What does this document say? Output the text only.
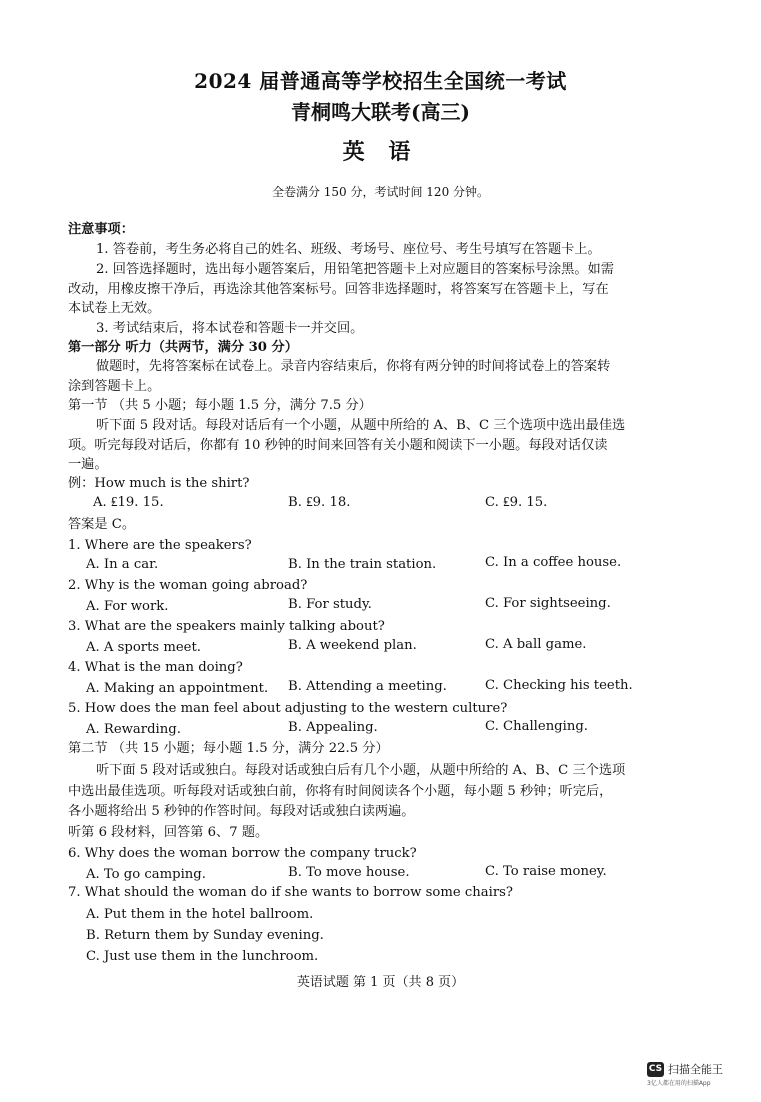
2024 届普通高等学校招生全国统一考试
青桐鸣大联考(高三)
英 语
全卷满分 150 分，考试时间 120 分钟。
注意事项：
1. 答卷前，考生务必将自己的姓名、班级、考场号、座位号、考生号填写在答题卡上。
2. 回答选择题时，选出每小题答案后，用铅笔把答题卡上对应题目的答案标号涂黑。如需
改动，用橡皮擦干净后，再选涂其他答案标号。回答非选择题时，将答案写在答题卡上，写在
本试卷上无效。
3. 考试结束后，将本试卷和答题卡一并交回。
第一部分 听力（共两节，满分 30 分）
做题时，先将答案标在试卷上。录音内容结束后，你将有两分钟的时间将试卷上的答案转
涂到答题卡上。
第一节 （共 5 小题；每小题 1.5 分，满分 7.5 分）
听下面 5 段对话。每段对话后有一个小题，从题中所给的 A、B、C 三个选项中选出最佳选
项。听完每段对话后，你都有 10 秒钟的时间来回答有关小题和阅读下一小题。每段对话仅读
一遍。
例：How much is the shirt?
A. ₤19. 15.	B. ₤9. 18.	C. ₤9. 15.
答案是 C。
1. Where are the speakers?
A. In a car.	B. In the train station.	C. In a coffee house.
2. Why is the woman going abroad?
A. For work.	B. For study.	C. For sightseeing.
3. What are the speakers mainly talking about?
A. A sports meet.	B. A weekend plan.	C. A ball game.
4. What is the man doing?
A. Making an appointment. B. Attending a meeting.	C. Checking his teeth.
5. How does the man feel about adjusting to the western culture?
A. Rewarding.	B. Appealing.	C. Challenging.
第二节 （共 15 小题；每小题 1.5 分，满分 22.5 分）
听下面 5 段对话或独白。每段对话或独白后有几个小题，从题中所给的 A、B、C 三个选项
中选出最佳选项。听每段对话或独白前，你将有时间阅读各个小题，每小题 5 秒钟；听完后，
各小题将给出 5 秒钟的作答时间。每段对话或独白读两遍。
听第 6 段材料，回答第 6、7 题。
6. Why does the woman borrow the company truck?
A. To go camping.	B. To move house.	C. To raise money.
7. What should the woman do if she wants to borrow some chairs?
A. Put them in the hotel ballroom.
B. Return them by Sunday evening.
C. Just use them in the lunchroom.
英语试题 第 1 页（共 8 页）
CS 扫描全能王
3亿人都在用的扫描App
